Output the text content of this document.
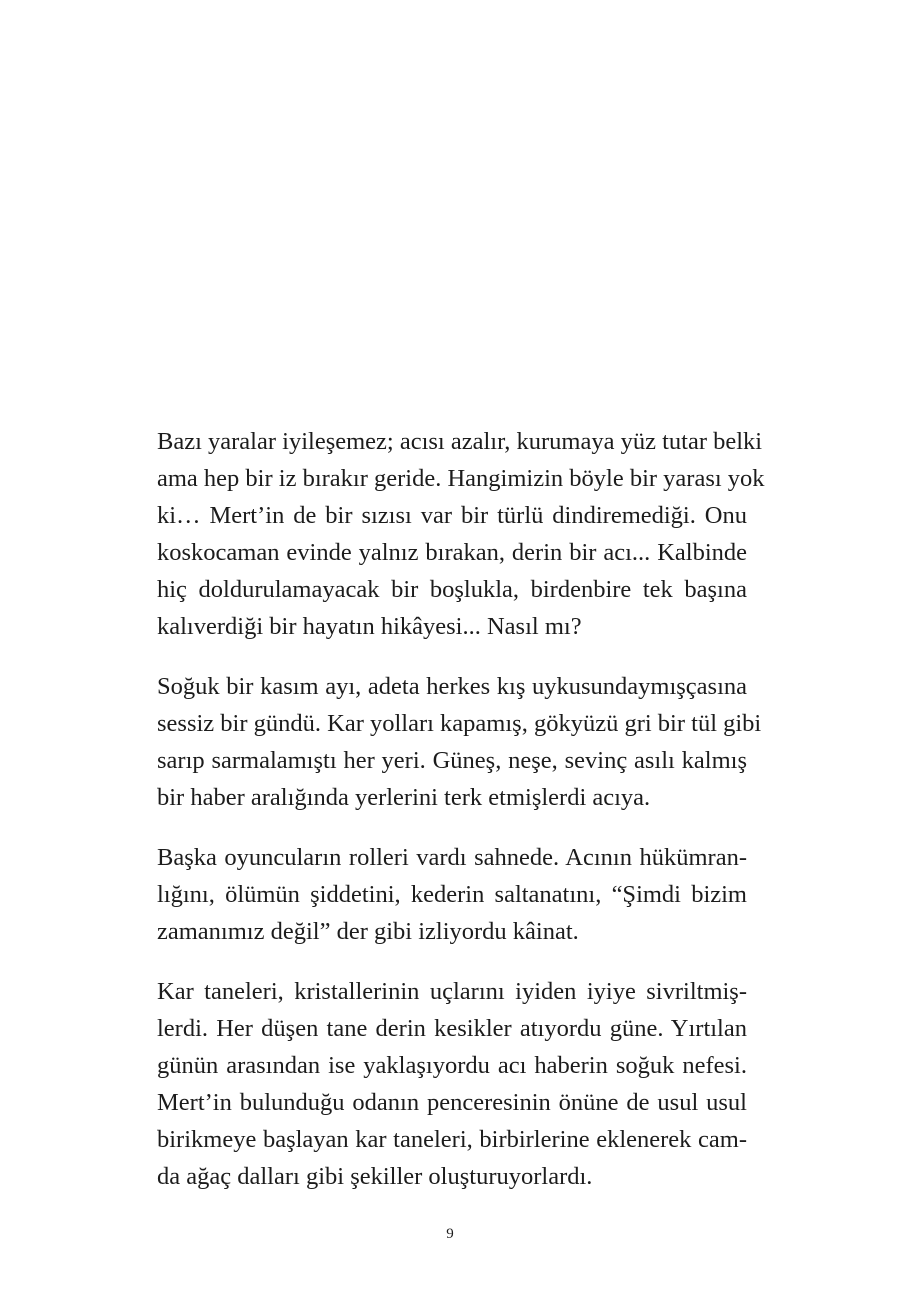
Bazı yaralar iyileşemez; acısı azalır, kurumaya yüz tutar belki
ama hep bir iz bırakır geride. Hangimizin böyle bir yarası yok
ki… Mert’in de bir sızısı var bir türlü dindiremediği. Onu
koskocaman evinde yalnız bırakan, derin bir acı... Kalbinde
hiç doldurulamayacak bir boşlukla, birdenbire tek başına
kalıverdiği bir hayatın hikâyesi... Nasıl mı?

Soğuk bir kasım ayı, adeta herkes kış uykusundaymışçasına
sessiz bir gündü. Kar yolları kapamış, gökyüzü gri bir tül gibi
sarıp sarmalamıştı her yeri. Güneş, neşe, sevinç asılı kalmış
bir haber aralığında yerlerini terk etmişlerdi acıya.

Başka oyuncuların rolleri vardı sahnede. Acının hükümran-
lığını, ölümün şiddetini, kederin saltanatını, “Şimdi bizim
zamanımız değil” der gibi izliyordu kâinat.

Kar taneleri, kristallerinin uçlarını iyiden iyiye sivriltmiş-
lerdi. Her düşen tane derin kesikler atıyordu güne. Yırtılan
günün arasından ise yaklaşıyordu acı haberin soğuk nefesi.
Mert’in bulunduğu odanın penceresinin önüne de usul usul
birikmeye başlayan kar taneleri, birbirlerine eklenerek cam-
da ağaç dalları gibi şekiller oluşturuyorlardı.

9
